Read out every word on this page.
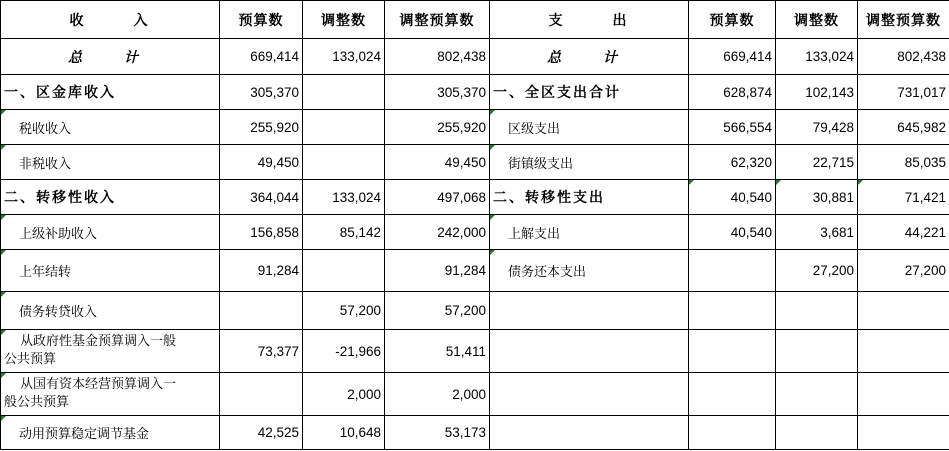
收　入	预算数	调整数	调整预算数	支　出	预算数	调整数	调整预算数
总　计	669,414	133,024	802,438	总　计	669,414	133,024	802,438
一、区金库收入	305,370		305,370	一、全区支出合计	628,874	102,143	731,017

税收收入	255,920		255,920	区级支出	566,554	79,428	645,982

非税收入	49,450		49,450	街镇级支出	62,320	22,715	85,035
二、转移性收入	364,044	133,024	497,068	二、转移性支出	40,540	30,881	71,421

上级补助收入	156,858	85,142	242,000	上解支出	40,540	3,681	44,221

上年结转	91,284		91,284	债务还本支出		27,200	27,200

债务转贷收入		57,200	57,200				

从政府性基金预算调入一般
公共预算	73,377	-21,966	51,411				

从国有资本经营预算调入一
般公共预算		2,000	2,000				

动用预算稳定调节基金	42,525	10,648	53,173				
